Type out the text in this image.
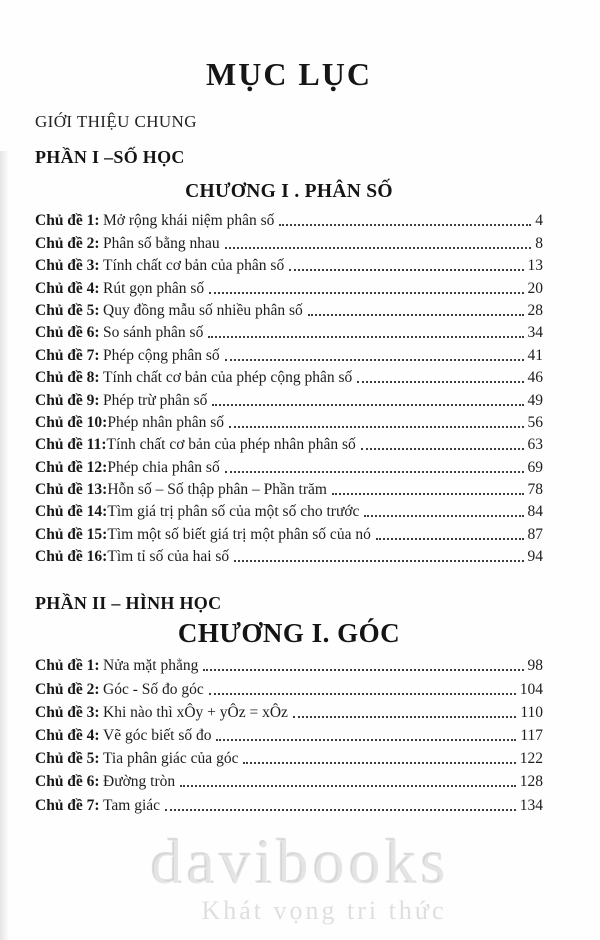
MỤC LỤC
GIỚI THIỆU CHUNG
PHẦN I –SỐ HỌC
CHƯƠNG I . PHÂN SỐ
Chủ đề 1: Mở rộng khái niệm phân số	4
Chủ đề 2: Phân số bằng nhau	8
Chủ đề 3: Tính chất cơ bản của phân số	13
Chủ đề 4: Rút gọn phân số	20
Chủ đề 5: Quy đồng mẫu số nhiều phân số	28
Chủ đề 6: So sánh phân số	34
Chủ đề 7: Phép cộng phân số	41
Chủ đề 8: Tính chất cơ bản của phép cộng phân số	46
Chủ đề 9: Phép trừ phân số	49
Chủ đề 10: Phép nhân phân số	56
Chủ đề 11: Tính chất cơ bản của phép nhân phân số	63
Chủ đề 12: Phép chia phân số	69
Chủ đề 13: Hỗn số – Số thập phân – Phần trăm	78
Chủ đề 14: Tìm giá trị phân số của một số cho trước	84
Chủ đề 15: Tìm một số biết giá trị một phân số của nó	87
Chủ đề 16: Tìm tỉ số của hai số	94
PHẦN II – HÌNH HỌC
CHƯƠNG I. GÓC
Chủ đề 1: Nửa mặt phẳng	98
Chủ đề 2: Góc - Số đo góc	104
Chủ đề 3: Khi nào thì xÔy + yÔz = xÔz	110
Chủ đề 4: Vẽ góc biết số đo	117
Chủ đề 5: Tia phân giác của góc	122
Chủ đề 6: Đường tròn	128
Chủ đề 7: Tam giác	134
davibooks
Khát vọng tri thức
